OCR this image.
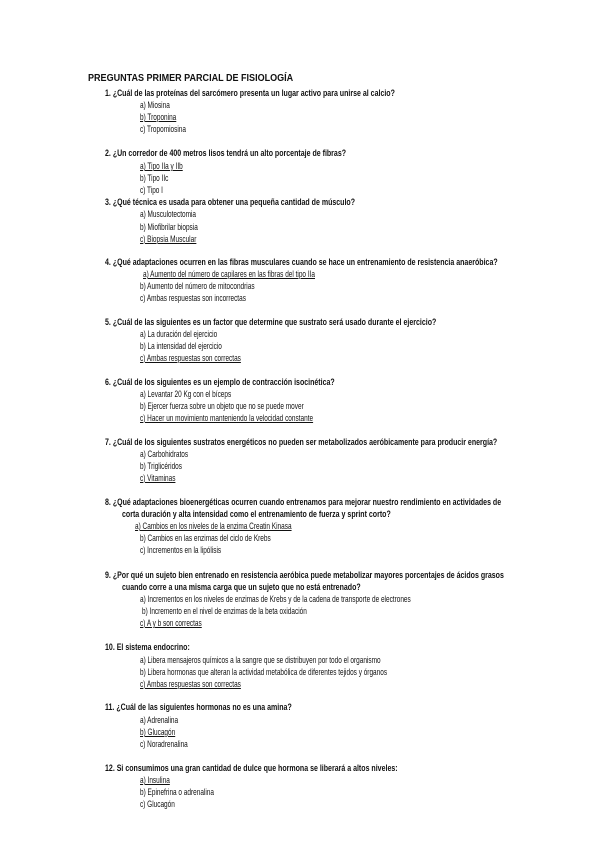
PREGUNTAS PRIMER PARCIAL DE FISIOLOGÍA
1. ¿Cuál de las proteínas del sarcómero presenta un lugar activo para unirse al calcio?
a) Miosina
b) Troponina
c) Tropomiosina
2. ¿Un corredor de 400 metros lisos tendrá un alto porcentaje de fibras?
a) Tipo IIa y IIb
b) Tipo IIc
c) Tipo I
3. ¿Qué técnica es usada para obtener una pequeña cantidad de músculo?
a) Musculotectomia
b) Miofibrilar biopsia
c) Biopsia Muscular
4. ¿Qué adaptaciones ocurren en las fibras musculares cuando se hace un entrenamiento de resistencia anaeróbica?
a) Aumento del número de capilares en las fibras del tipo IIa
b) Aumento del número de mitocondrias
c) Ambas respuestas son incorrectas
5. ¿Cuál de las siguientes es un factor que determine que sustrato será usado durante el ejercicio?
a) La duración del ejercicio
b) La intensidad del ejercicio
c) Ambas respuestas son correctas
6. ¿Cuál de los siguientes es un ejemplo de contracción isocinética?
a) Levantar 20 Kg con el bíceps
b) Ejercer fuerza sobre un objeto que no se puede mover
c) Hacer un movimiento manteniendo la velocidad constante
7. ¿Cuál de los siguientes sustratos energéticos no pueden ser metabolizados aeróbicamente para producir energía?
a) Carbohidratos
b) Triglicéridos
c) Vitaminas
8. ¿Qué adaptaciones bioenergéticas ocurren cuando entrenamos para mejorar nuestro rendimiento en actividades de
corta duración y alta intensidad como el entrenamiento de fuerza y sprint corto?
a) Cambios en los niveles de la enzima Creatin Kinasa
b) Cambios en las enzimas del ciclo de Krebs
c) Incrementos en la lipólisis
9. ¿Por qué un sujeto bien entrenado en resistencia aeróbica puede metabolizar mayores porcentajes de ácidos grasos
cuando corre a una misma carga que un sujeto que no está entrenado?
a) Incrementos en los niveles de enzimas de Krebs y de la cadena de transporte de electrones
b) Incremento en el nivel de enzimas de la beta oxidación
c) A y b son correctas
10. El sistema endocrino:
a) Libera mensajeros químicos a la sangre que se distribuyen por todo el organismo
b) Libera hormonas que alteran la actividad metabólica de diferentes tejidos y órganos
c) Ambas respuestas son correctas
11. ¿Cuál de las siguientes hormonas no es una amina?
a) Adrenalina
b) Glucagón
c) Noradrenalina
12. Si consumimos una gran cantidad de dulce que hormona se liberará a altos niveles:
a) Insulina
b) Epinefrina o adrenalina
c) Glucagón
